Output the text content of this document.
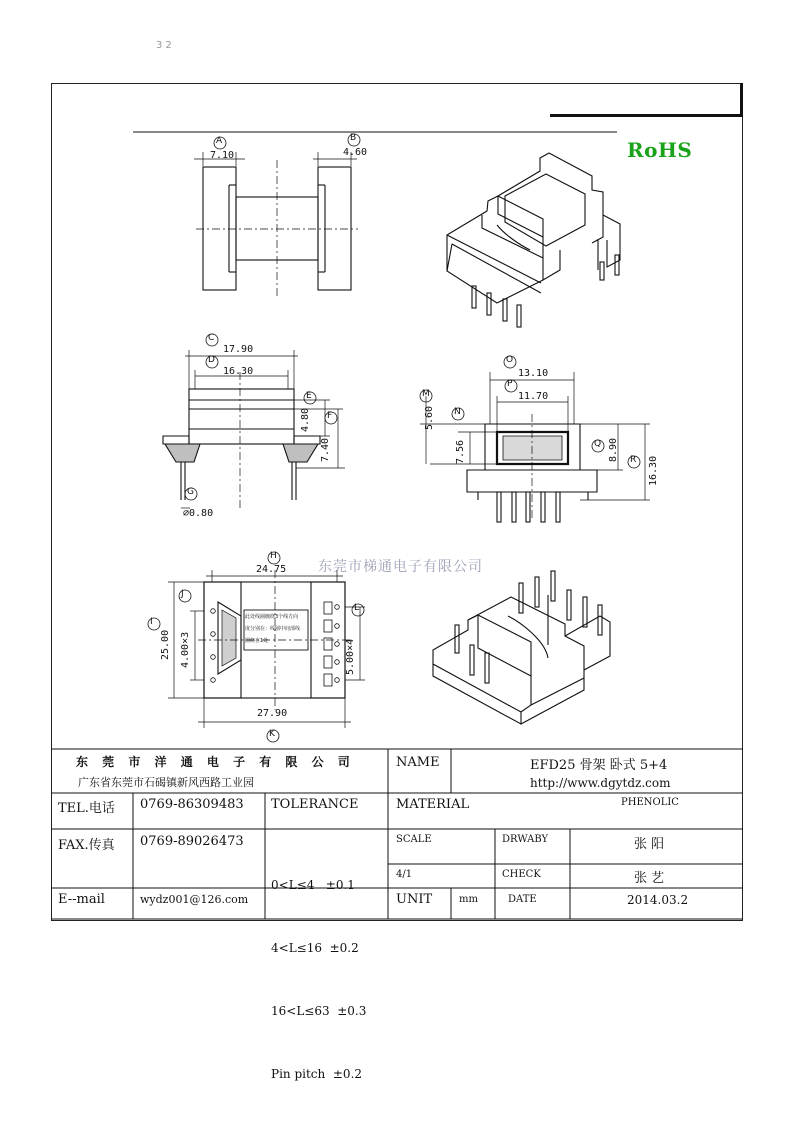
3 2
RoHS
东莞市梯通电子有限公司
A	B
7.10	4.60
C
D
E
F
G
17.90
16.30
4.80
7.40
⌀0.80
O
P
M
N
Q
R
13.10
11.70
5.60
7.56	8.90
16.30
H
I
J
K
L
24.75
25.00 4.00×3
27.90
5.00×4
此处线圈缠绕3个线方向
度分别在：线圈中间部线
圈绕在1处
东 莞 市 洋 通 电 子 有 限 公 司
广东省东莞市石碣镇新风西路工业园
NAME	EFD25 骨架 卧式 5+4
http://www.dgytdz.com
TEL.电话 0769-86309483 TOLERANCE	MATERIAL	PHENOLIC
FAX.传真 0769-89026473

0<L≤4   ±0.1

4<L≤16  ±0.2

16<L≤63  ±0.3

Pin pitch  ±0.2

SCALE	DRWABY	张 阳
4/1	CHECK	张 艺
E--mail	wydz001@126.com	UNIT	mm	DATE	2014.03.2
